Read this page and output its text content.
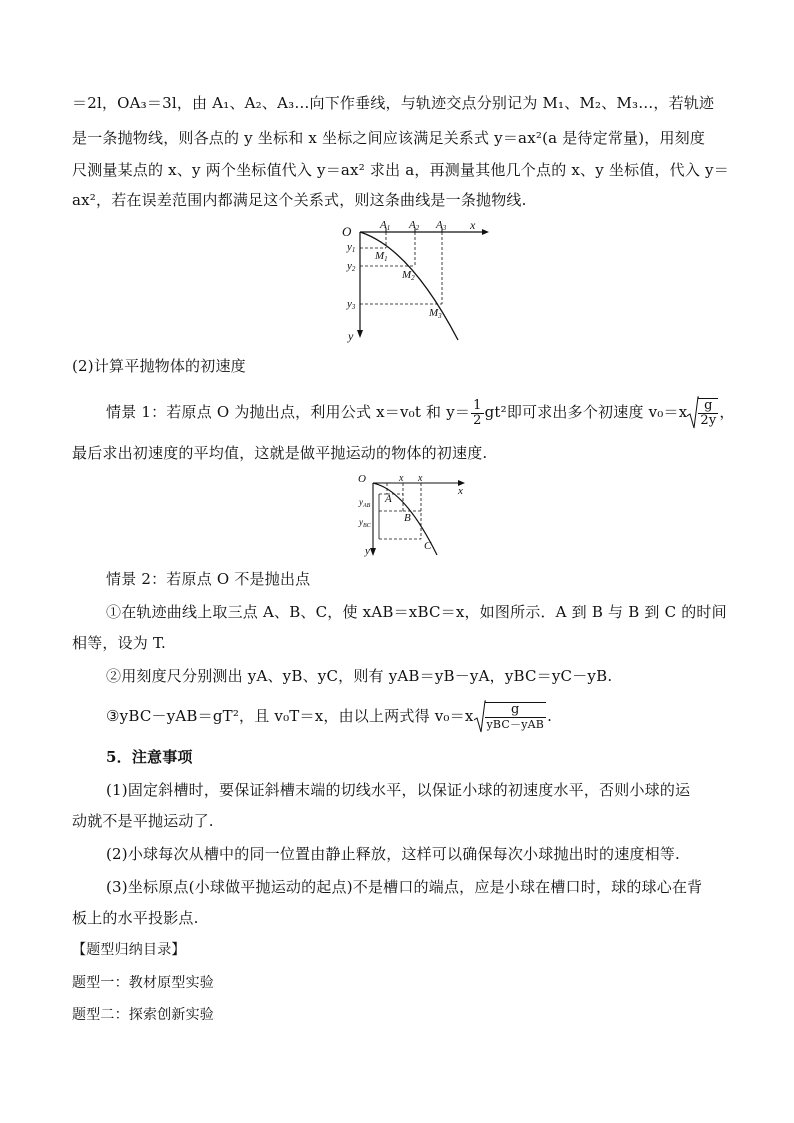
＝2l，OA₃＝3l，由 A₁、A₂、A₃…向下作垂线，与轨迹交点分别记为 M₁、M₂、M₃…，若轨迹
是一条抛物线，则各点的 y 坐标和 x 坐标之间应该满足关系式 y＝ax²(a 是待定常量)，用刻度
尺测量某点的 x、y 两个坐标值代入 y＝ax² 求出 a，再测量其他几个点的 x、y 坐标值，代入 y＝
ax²，若在误差范围内都满足这个关系式，则这条曲线是一条抛物线.
O	x
y
A1 A2 A3
y1
y2
y3
M1
M2
M3
(2)计算平抛物体的初速度
情景 1：若原点 O 为抛出点，利用公式 x＝v₀t 和 $y= \frac{1}{2} gt^2$即可求出多个初速度 $v_0=x \frac{g}{2y}$ ，
最后求出初速度的平均值，这就是做平抛运动的物体的初速度.
O
x
y
x x
A
B
C
$y_{AB}$
$y_{BC}$
情景 2：若原点 O 不是抛出点
①在轨迹曲线上取三点 A、B、C，使 xAB＝xBC＝x，如图所示．A 到 B 与 B 到 C 的时间
相等，设为 T.
②用刻度尺分别测出 yA、yB、yC，则有 yAB＝yB－yA，yBC＝yC－yB.
③yBC－yAB＝gT²，且 v₀T＝x，由以上两式得 $v_0=x \frac{g}{\text{yBC－yAB}}$ .
5．注意事项
(1)固定斜槽时，要保证斜槽末端的切线水平，以保证小球的初速度水平，否则小球的运
动就不是平抛运动了.
(2)小球每次从槽中的同一位置由静止释放，这样可以确保每次小球抛出时的速度相等.
(3)坐标原点(小球做平抛运动的起点)不是槽口的端点，应是小球在槽口时，球的球心在背
板上的水平投影点.
【题型归纳目录】
题型一：教材原型实验
题型二：探索创新实验
